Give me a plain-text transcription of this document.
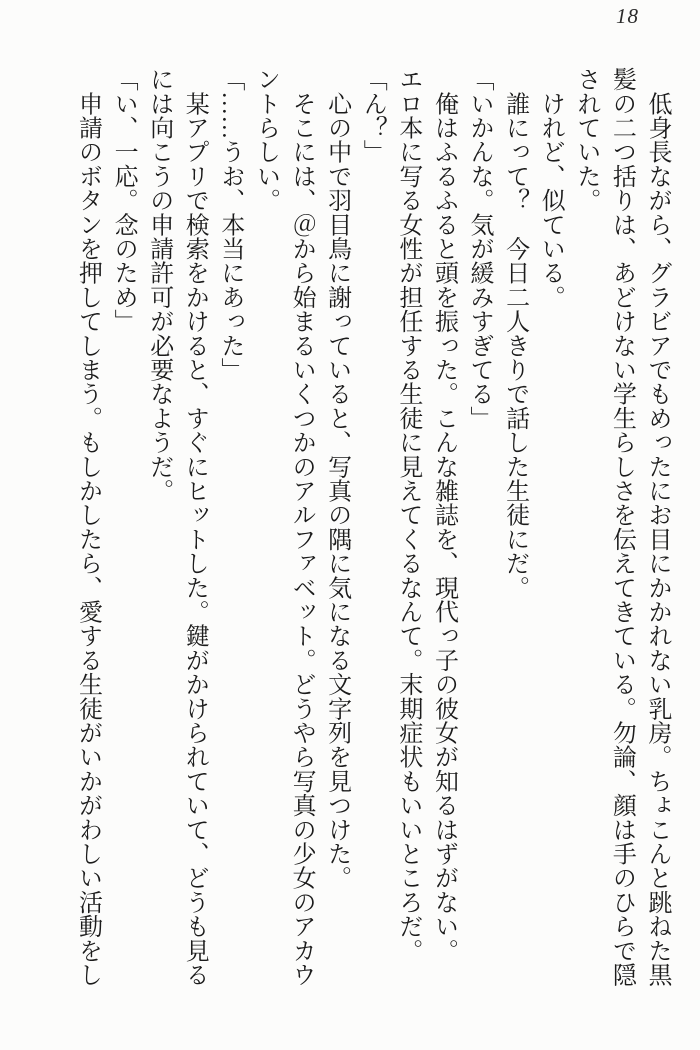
18
　低身長ながら、グラビアでもめったにお目にかかれない乳房。ちょこんと跳ねた黒
髪の二つ括りは、あどけない学生らしさを伝えてきている。勿論、顔は手のひらで隠
されていた。
　けれど、似ている。
　誰にって？　今日二人きりで話した生徒にだ。
「いかんな。気が緩みすぎてる」
　俺はふるふると頭を振った。こんな雑誌を、現代っ子の彼女が知るはずがない。
エロ本に写る女性が担任する生徒に見えてくるなんて。末期症状もいいところだ。
「ん？」
　心の中で羽目鳥に謝っていると、写真の隅に気になる文字列を見つけた。
　そこには、＠から始まるいくつかのアルファベット。どうやら写真の少女のアカウ
ントらしい。
「……うお、本当にあった」
　某アプリで検索をかけると、すぐにヒットした。鍵がかけられていて、どうも見る
には向こうの申請許可が必要なようだ。
「い、一応。念のため」
　申請のボタンを押してしまう。もしかしたら、愛する生徒がいかがわしい活動をし
